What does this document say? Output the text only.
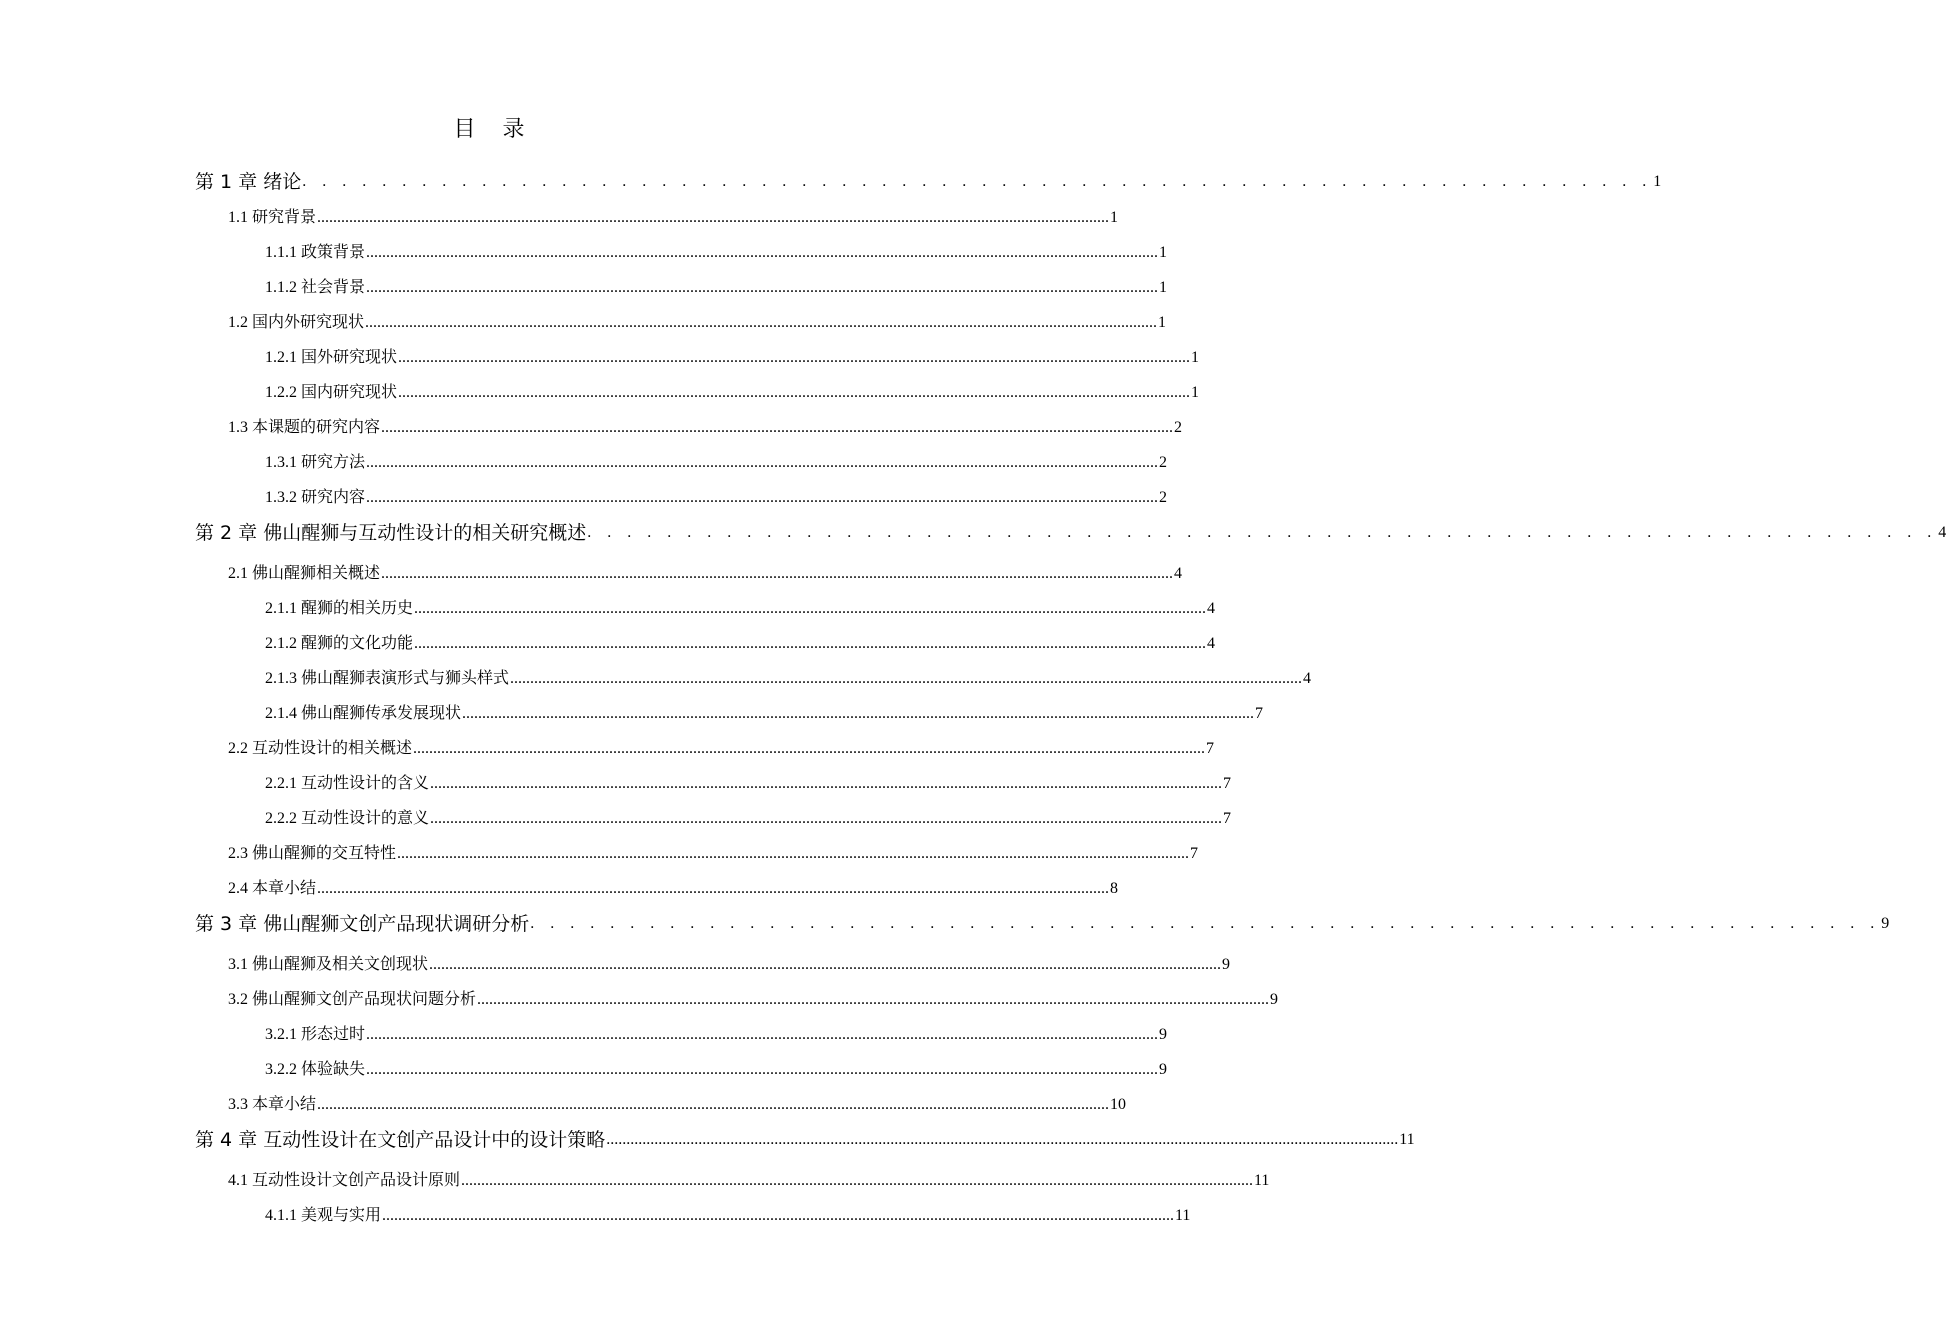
目 录
第 1 章 绪论 . . . . . . . . . . . . . . . . . . . . . . . . . . . . . . . . . . . . . . . . . . . . . . . . . . . . . . . . . . . . . . . . . . . . 1
1.1 研究背景 ...................................................................................................................................................................................................... 1
1.1.1 政策背景 ...................................................................................................................................................................................................... 1
1.1.2 社会背景 ...................................................................................................................................................................................................... 1
1.2 国内外研究现状 ...................................................................................................................................................................................................... 1
1.2.1 国外研究现状 ...................................................................................................................................................................................................... 1
1.2.2 国内研究现状 ...................................................................................................................................................................................................... 1
1.3 本课题的研究内容 ...................................................................................................................................................................................................... 2
1.3.1 研究方法 ...................................................................................................................................................................................................... 2
1.3.2 研究内容 ...................................................................................................................................................................................................... 2
第 2 章 佛山醒狮与互动性设计的相关研究概述 . . . . . . . . . . . . . . . . . . . . . . . . . . . . . . . . . . . . . . . . . . . . . . . . . . . . . . . . . . . . . . . . . . . . 4
2.1 佛山醒狮相关概述 ...................................................................................................................................................................................................... 4
2.1.1 醒狮的相关历史 ...................................................................................................................................................................................................... 4
2.1.2 醒狮的文化功能 ...................................................................................................................................................................................................... 4
2.1.3 佛山醒狮表演形式与狮头样式 ...................................................................................................................................................................................................... 4
2.1.4 佛山醒狮传承发展现状 ...................................................................................................................................................................................................... 7
2.2 互动性设计的相关概述 ...................................................................................................................................................................................................... 7
2.2.1 互动性设计的含义 ...................................................................................................................................................................................................... 7
2.2.2 互动性设计的意义 ...................................................................................................................................................................................................... 7
2.3 佛山醒狮的交互特性 ...................................................................................................................................................................................................... 7
2.4 本章小结 ...................................................................................................................................................................................................... 8
第 3 章 佛山醒狮文创产品现状调研分析 . . . . . . . . . . . . . . . . . . . . . . . . . . . . . . . . . . . . . . . . . . . . . . . . . . . . . . . . . . . . . . . . . . . . 9
3.1 佛山醒狮及相关文创现状 ...................................................................................................................................................................................................... 9
3.2 佛山醒狮文创产品现状问题分析 ...................................................................................................................................................................................................... 9
3.2.1 形态过时 ...................................................................................................................................................................................................... 9
3.2.2 体验缺失 ...................................................................................................................................................................................................... 9
3.3 本章小结 ...................................................................................................................................................................................................... 10
第 4 章 互动性设计在文创产品设计中的设计策略 ...................................................................................................................................................................................................... 11
4.1 互动性设计文创产品设计原则 ...................................................................................................................................................................................................... 11
4.1.1 美观与实用 ...................................................................................................................................................................................................... 11
